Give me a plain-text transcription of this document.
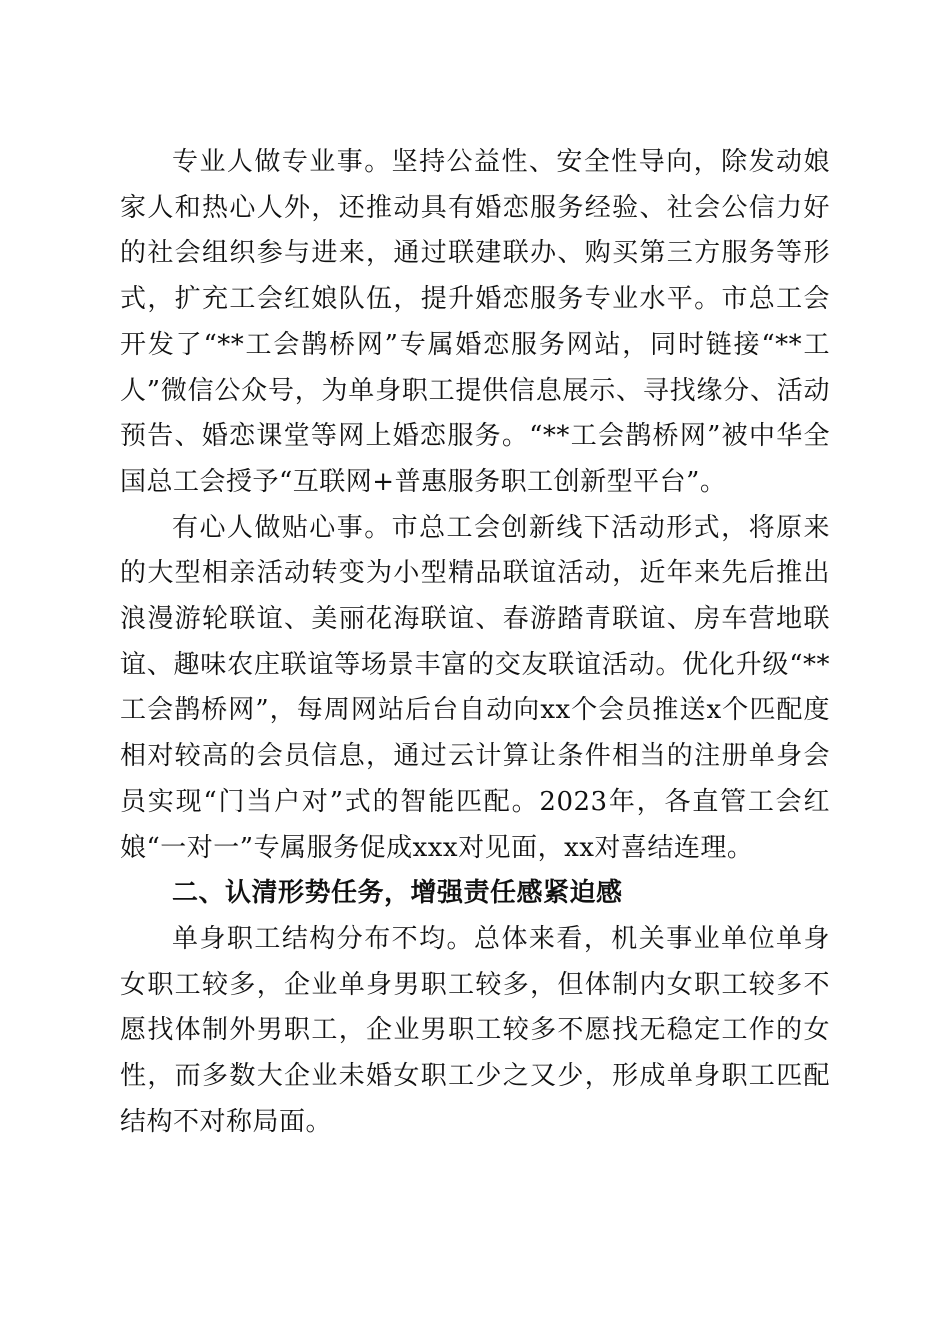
专业人做专业事。坚持公益性、安全性导向，除发动娘家人和热心人外，还推动具有婚恋服务经验、社会公信力好的社会组织参与进来，通过联建联办、购买第三方服务等形式，扩充工会红娘队伍，提升婚恋服务专业水平。市总工会开发了“**工会鹊桥网”专属婚恋服务网站，同时链接“**工人”微信公众号，为单身职工提供信息展示、寻找缘分、活动预告、婚恋课堂等网上婚恋服务。“**工会鹊桥网”被中华全国总工会授予“互联网+普惠服务职工创新型平台”。

有心人做贴心事。市总工会创新线下活动形式，将原来的大型相亲活动转变为小型精品联谊活动，近年来先后推出浪漫游轮联谊、美丽花海联谊、春游踏青联谊、房车营地联谊、趣味农庄联谊等场景丰富的交友联谊活动。优化升级“**工会鹊桥网”，每周网站后台自动向xx个会员推送x个匹配度相对较高的会员信息，通过云计算让条件相当的注册单身会员实现“门当户对”式的智能匹配。2023年，各直管工会红娘“一对一”专属服务促成xxx对见面，xx对喜结连理。

二、认清形势任务，增强责任感紧迫感

单身职工结构分布不均。总体来看，机关事业单位单身女职工较多，企业单身男职工较多，但体制内女职工较多不愿找体制外男职工，企业男职工较多不愿找无稳定工作的女性，而多数大企业未婚女职工少之又少，形成单身职工匹配结构不对称局面。
